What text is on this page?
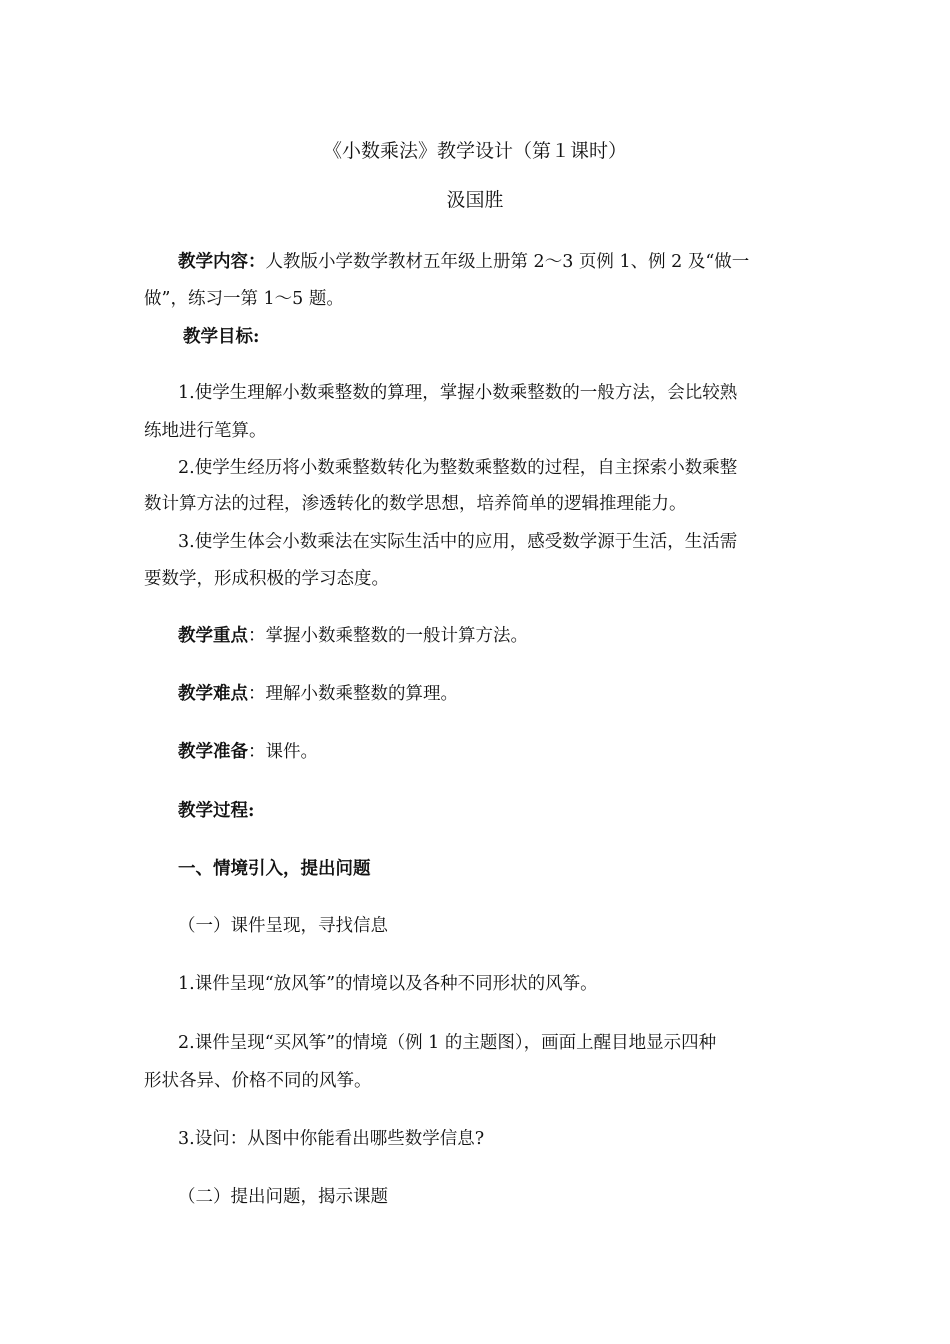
《小数乘法》教学设计（第１课时）
汲国胜
教学内容：人教版小学数学教材五年级上册第 2～3 页例 1、例 2 及“做一
做”，练习一第 1～5 题。
教学目标:
1.使学生理解小数乘整数的算理，掌握小数乘整数的一般方法，会比较熟
练地进行笔算。
2.使学生经历将小数乘整数转化为整数乘整数的过程，自主探索小数乘整
数计算方法的过程，渗透转化的数学思想，培养简单的逻辑推理能力。
3.使学生体会小数乘法在实际生活中的应用，感受数学源于生活，生活需
要数学，形成积极的学习态度。
教学重点：掌握小数乘整数的一般计算方法。
教学难点：理解小数乘整数的算理。
教学准备：课件。
教学过程:
一、情境引入，提出问题
（一）课件呈现，寻找信息
1.课件呈现“放风筝”的情境以及各种不同形状的风筝。
2.课件呈现“买风筝”的情境（例 1 的主题图），画面上醒目地显示四种
形状各异、价格不同的风筝。
3.设问：从图中你能看出哪些数学信息?
（二）提出问题，揭示课题
